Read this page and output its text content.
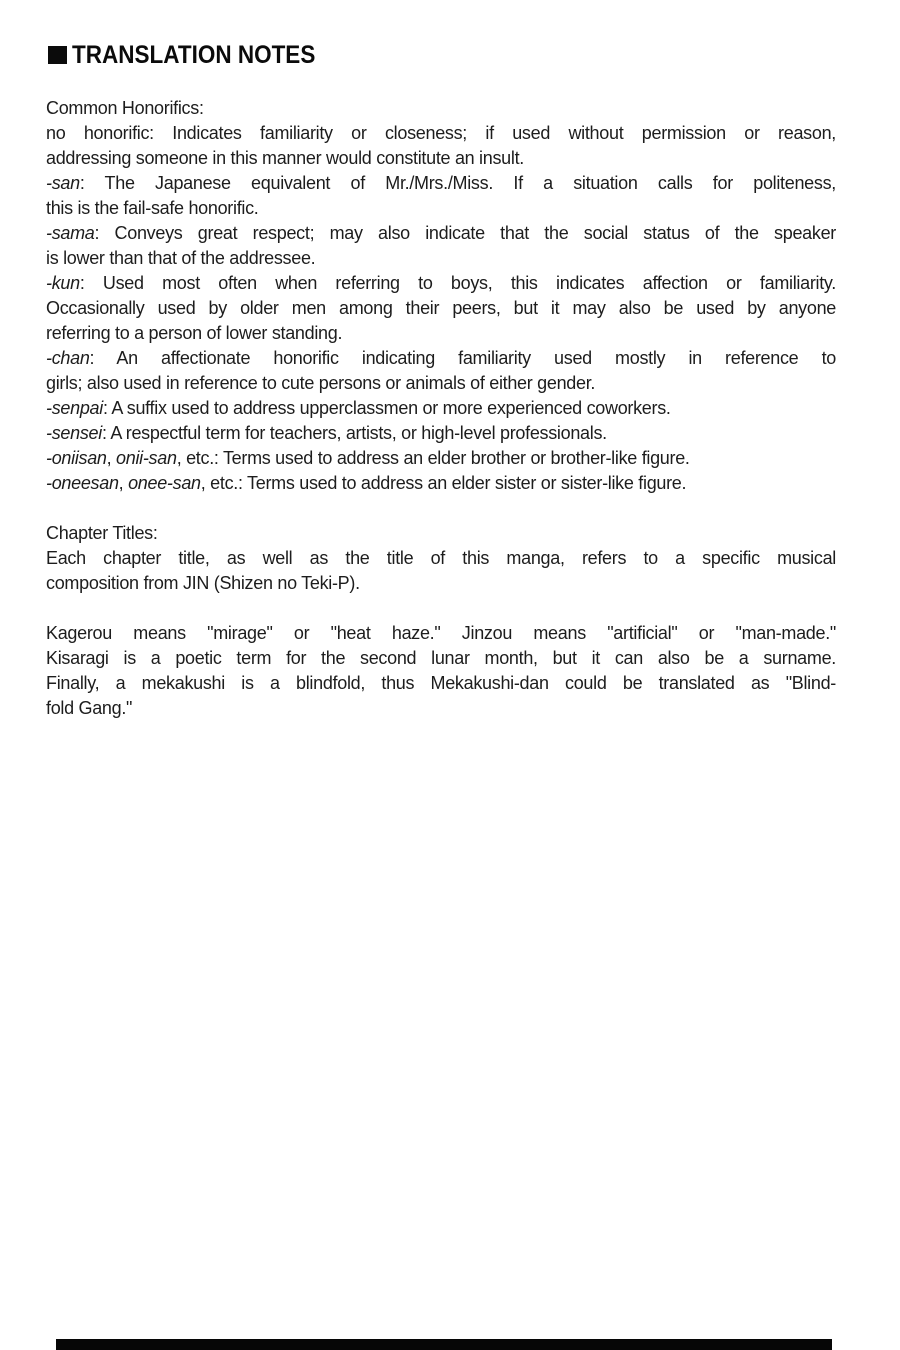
TRANSLATION NOTES

Common Honorifics:

no honorific: Indicates familiarity or closeness; if used without permission or reason,
addressing someone in this manner would constitute an insult.

-san: The Japanese equivalent of Mr./Mrs./Miss. If a situation calls for politeness,
this is the fail-safe honorific.

-sama: Conveys great respect; may also indicate that the social status of the speaker
is lower than that of the addressee.

-kun: Used most often when referring to boys, this indicates affection or familiarity.
Occasionally used by older men among their peers, but it may also be used by anyone
referring to a person of lower standing.

-chan: An affectionate honorific indicating familiarity used mostly in reference to
girls; also used in reference to cute persons or animals of either gender.

-senpai: A suffix used to address upperclassmen or more experienced coworkers.

-sensei: A respectful term for teachers, artists, or high-level professionals.

-oniisan, onii-san, etc.: Terms used to address an elder brother or brother-like figure.

-oneesan, onee-san, etc.: Terms used to address an elder sister or sister-like figure.

Chapter Titles:

Each chapter title, as well as the title of this manga, refers to a specific musical
composition from JIN (Shizen no Teki-P).

Kagerou means "mirage" or "heat haze." Jinzou means "artificial" or "man-made."
Kisaragi is a poetic term for the second lunar month, but it can also be a surname.
Finally, a mekakushi is a blindfold, thus Mekakushi-dan could be translated as "Blind-
fold Gang."
